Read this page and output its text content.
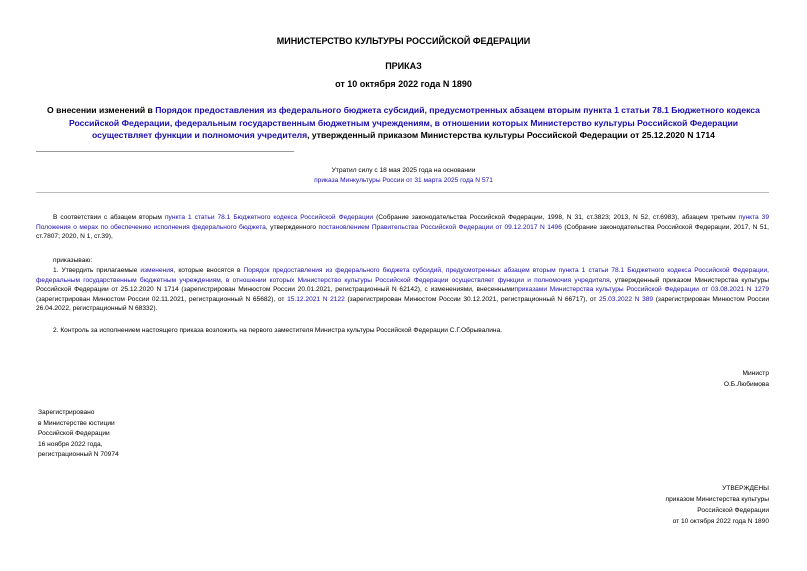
МИНИСТЕРСТВО КУЛЬТУРЫ РОССИЙСКОЙ ФЕДЕРАЦИИ
ПРИКАЗ
от 10 октября 2022 года N 1890
О внесении изменений в Порядок предоставления из федерального бюджета субсидий, предусмотренных абзацем вторым пункта 1 статьи 78.1 Бюджетного кодекса Российской Федерации, федеральным государственным бюджетным учреждениям, в отношении которых Министерство культуры Российской Федерации осуществляет функции и полномочия учредителя, утвержденный приказом Министерства культуры Российской Федерации от 25.12.2020 N 1714
Утратил силу с 18 мая 2025 года на основании
приказа Минкультуры России от 31 марта 2025 года N 571
В соответствии с абзацем вторым пункта 1 статьи 78.1 Бюджетного кодекса Российской Федерации (Собрание законодательства Российской Федерации, 1998, N 31, ст.3823; 2013, N 52, ст.6983), абзацем третьим пункта 39 Положения о мерах по обеспечению исполнения федерального бюджета, утвержденного постановлением Правительства Российской Федерации от 09.12.2017 N 1496 (Собрание законодательства Российской Федерации, 2017, N 51, ст.7807; 2020, N 1, ст.39),
приказываю:
1. Утвердить прилагаемые изменения, которые вносятся в Порядок предоставления из федерального бюджета субсидий, предусмотренных абзацем вторым пункта 1 статьи 78.1 Бюджетного кодекса Российской Федерации, федеральным государственным бюджетным учреждениям, в отношении которых Министерство культуры Российской Федерации осуществляет функции и полномочия учредителя, утвержденный приказом Министерства культуры Российской Федерации от 25.12.2020 N 1714 (зарегистрирован Минюстом России 20.01.2021, регистрационный N 62142), с изменениями, внесеннымиприказами Министерства культуры Российской Федерации от 03.08.2021 N 1279 (зарегистрирован Минюстом России 02.11.2021, регистрационный N 65682), от 15.12.2021 N 2122 (зарегистрирован Минюстом России 30.12.2021, регистрационный N 66717), от 25.03.2022 N 389 (зарегистрирован Минюстом России 26.04.2022, регистрационный N 68332).
2. Контроль за исполнением настоящего приказа возложить на первого заместителя Министра культуры Российской Федерации С.Г.Обрывалина.
Министр
О.Б.Любимова
Зарегистрировано
в Министерстве юстиции
Российской Федерации
16 ноября 2022 года,
регистрационный N 70974
УТВЕРЖДЕНЫ
приказом Министерства культуры
Российской Федерации
от 10 октября 2022 года N 1890
